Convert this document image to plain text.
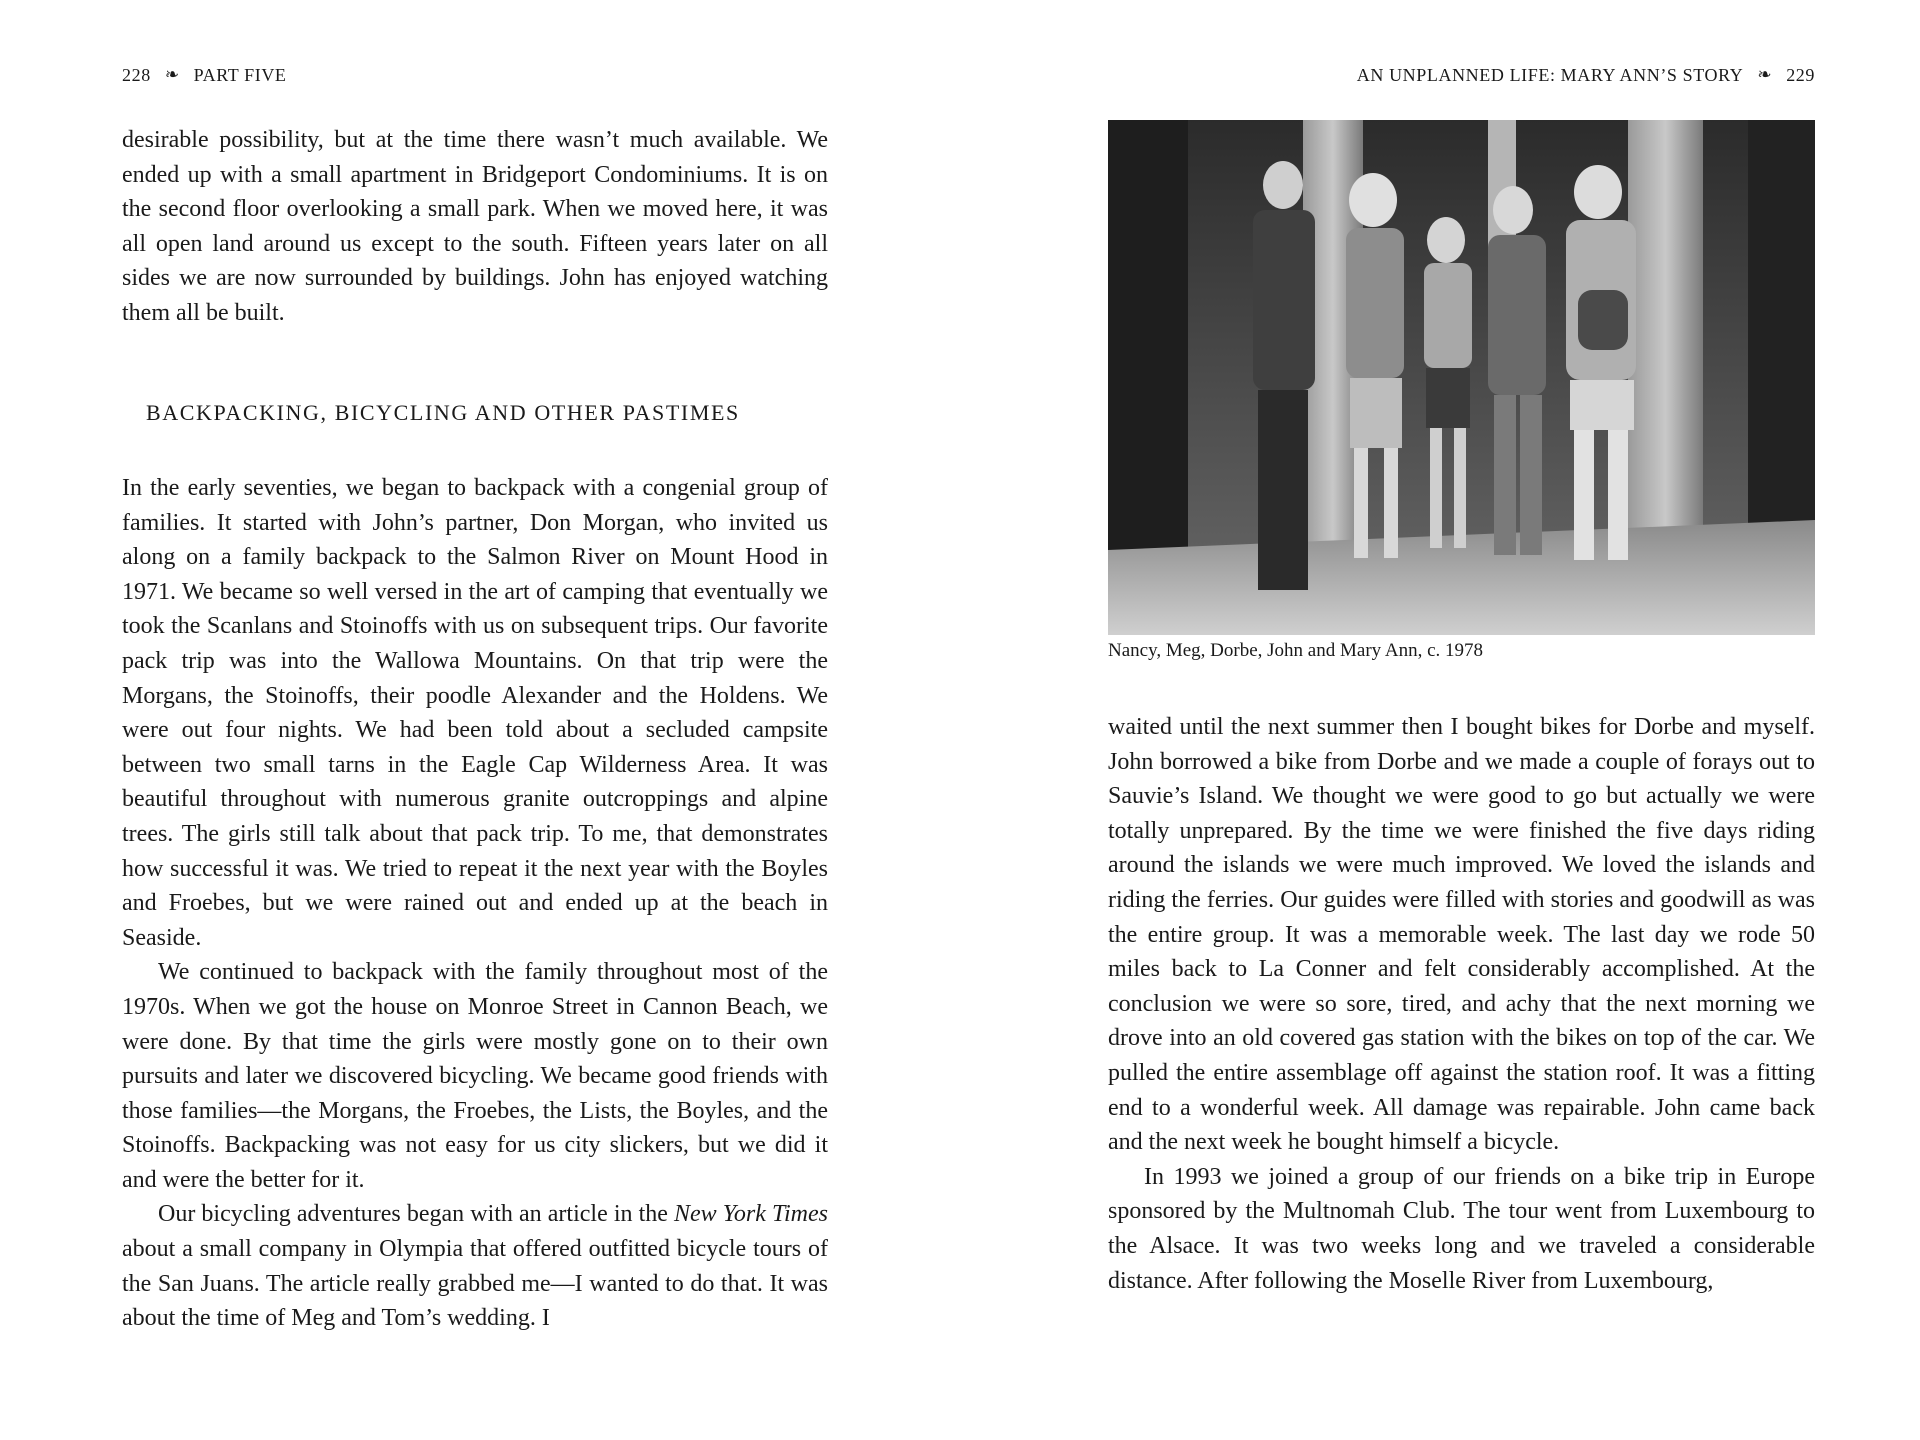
228 ❧ PART FIVE

desirable possibility, but at the time there wasn’t much available. We ended up with a small apartment in Bridgeport Condominiums. It is on the second floor overlooking a small park. When we moved here, it was all open land around us except to the south. Fifteen years later on all sides we are now surrounded by buildings. John has enjoyed watching them all be built.

BACKPACKING, BICYCLING AND OTHER PASTIMES

In the early seventies, we began to backpack with a congenial group of families. It started with John’s partner, Don Morgan, who invited us along on a family backpack to the Salmon River on Mount Hood in 1971. We became so well versed in the art of camping that eventually we took the Scanlans and Stoinoffs with us on subsequent trips. Our favorite pack trip was into the Wallowa Mountains. On that trip were the Morgans, the Stoinoffs, their poodle Alexander and the Holdens. We were out four nights. We had been told about a secluded campsite between two small tarns in the Eagle Cap Wilderness Area. It was beautiful throughout with numerous granite outcroppings and alpine trees. The girls still talk about that pack trip. To me, that demonstrates how successful it was. We tried to repeat it the next year with the Boyles and Froebes, but we were rained out and ended up at the beach in Seaside.

We continued to backpack with the family throughout most of the 1970s. When we got the house on Monroe Street in Cannon Beach, we were done. By that time the girls were mostly gone on to their own pursuits and later we discovered bicycling. We became good friends with those families—the Morgans, the Froebes, the Lists, the Boyles, and the Stoinoffs. Backpacking was not easy for us city slickers, but we did it and were the better for it.

Our bicycling adventures began with an article in the New York Times about a small company in Olympia that offered outfitted bicycle tours of the San Juans. The article really grabbed me—I wanted to do that. It was about the time of Meg and Tom’s wedding. I

AN UNPLANNED LIFE: MARY ANN’S STORY ❧ 229
Nancy, Meg, Dorbe, John and Mary Ann, c. 1978

waited until the next summer then I bought bikes for Dorbe and myself. John borrowed a bike from Dorbe and we made a couple of forays out to Sauvie’s Island. We thought we were good to go but actually we were totally unprepared. By the time we were finished the five days riding around the islands we were much improved. We loved the islands and riding the ferries. Our guides were filled with stories and goodwill as was the entire group. It was a memorable week. The last day we rode 50 miles back to La Conner and felt considerably accomplished. At the conclusion we were so sore, tired, and achy that the next morning we drove into an old covered gas station with the bikes on top of the car. We pulled the entire assemblage off against the station roof. It was a fitting end to a wonderful week. All damage was repairable. John came back and the next week he bought himself a bicycle.

In 1993 we joined a group of our friends on a bike trip in Europe sponsored by the Multnomah Club. The tour went from Luxembourg to the Alsace. It was two weeks long and we traveled a considerable distance. After following the Moselle River from Luxembourg,
